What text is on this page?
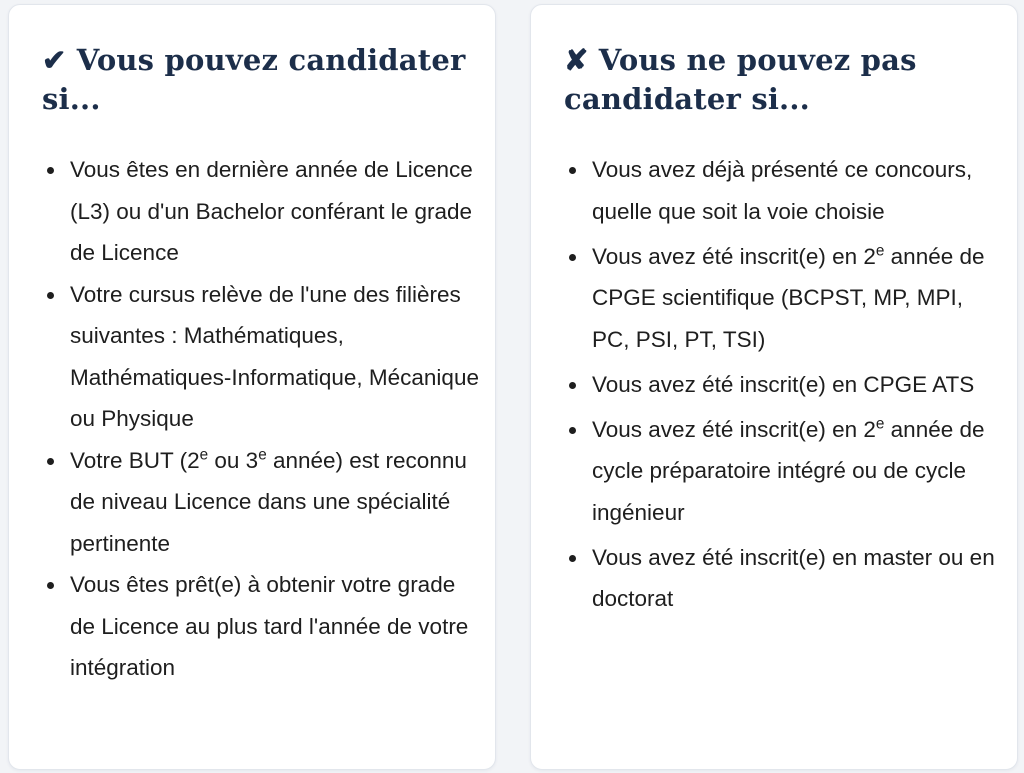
✔ Vous pouvez candidater si...
Vous êtes en dernière année de Licence (L3) ou d'un Bachelor conférant le grade de Licence
Votre cursus relève de l'une des filières suivantes : Mathématiques, Mathématiques-Informatique, Mécanique ou Physique
Votre BUT (2e ou 3e année) est reconnu de niveau Licence dans une spécialité pertinente
Vous êtes prêt(e) à obtenir votre grade de Licence au plus tard l'année de votre intégration
✘ Vous ne pouvez pas candidater si...
Vous avez déjà présenté ce concours, quelle que soit la voie choisie
Vous avez été inscrit(e) en 2e année de CPGE scientifique (BCPST, MP, MPI, PC, PSI, PT, TSI)
Vous avez été inscrit(e) en CPGE ATS
Vous avez été inscrit(e) en 2e année de cycle préparatoire intégré ou de cycle ingénieur
Vous avez été inscrit(e) en master ou en doctorat
